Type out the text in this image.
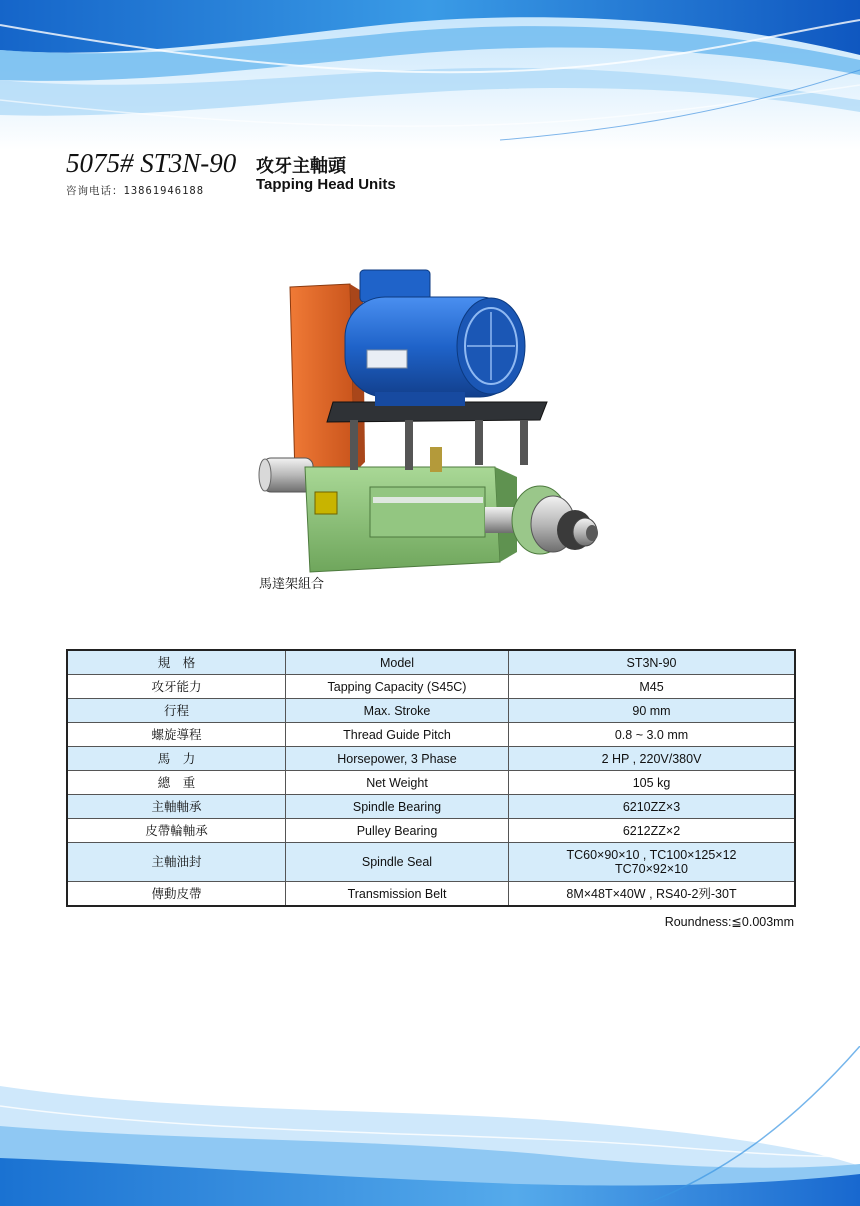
5075# ST3N-90
咨询电话：13861946188
攻牙主軸頭
Tapping Head Units
馬達架組合
規　格	Model	ST3N-90
攻牙能力	Tapping Capacity (S45C)	M45
行程	Max. Stroke	90 mm
螺旋導程	Thread Guide Pitch	0.8 ~ 3.0 mm
馬　力	Horsepower, 3 Phase	2 HP , 220V/380V
總　重	Net Weight	105 kg
主軸軸承	Spindle Bearing	6210ZZ×3
皮帶輪軸承	Pulley Bearing	6212ZZ×2
主軸油封	Spindle Seal	TC60×90×10 , TC100×125×12
TC70×92×10

傳動皮帶	Transmission Belt	8M×48T×40W , RS40-2列-30T
Roundness:≦0.003mm
